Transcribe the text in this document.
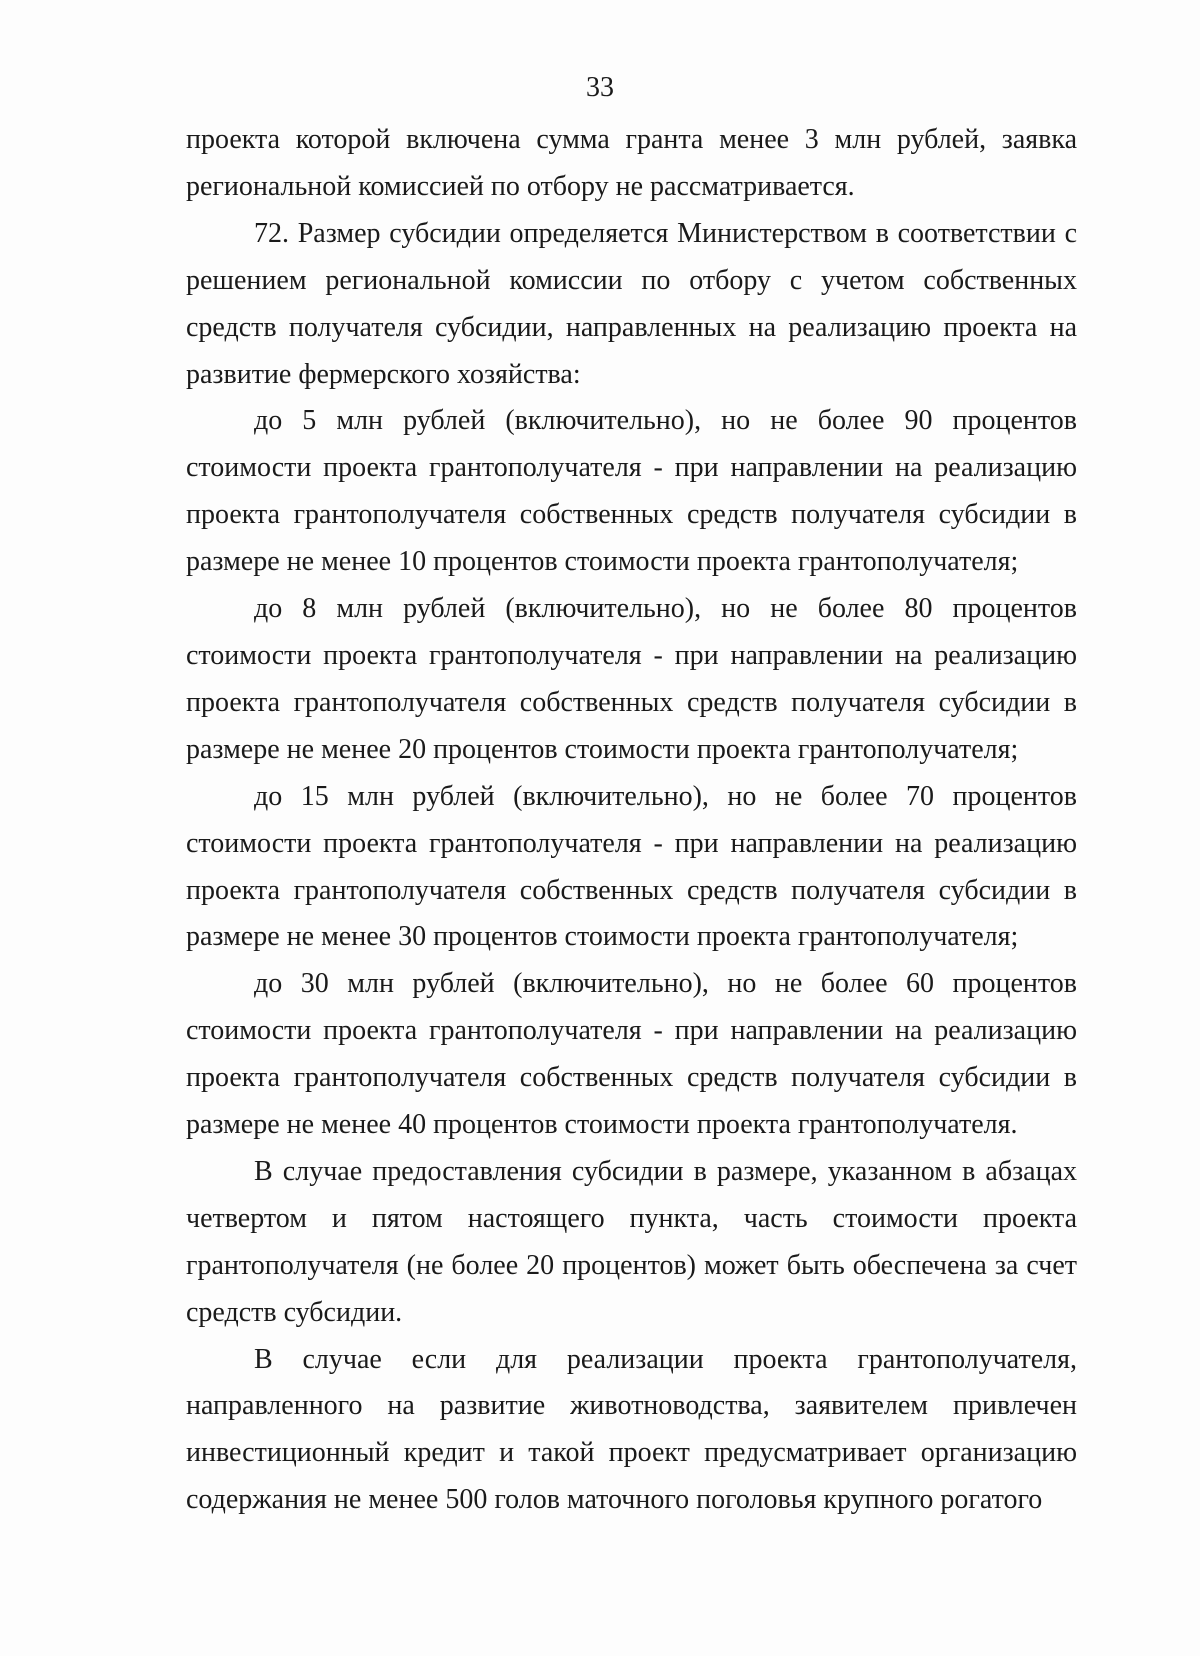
33

проекта которой включена сумма гранта менее 3 млн рублей, заявка региональной комиссией по отбору не рассматривается.

72. Размер субсидии определяется Министерством в соответствии с решением региональной комиссии по отбору с учетом собственных средств получателя субсидии, направленных на реализацию проекта на развитие фермерского хозяйства:

до 5 млн рублей (включительно), но не более 90 процентов стоимости проекта грантополучателя - при направлении на реализацию проекта грантополучателя собственных средств получателя субсидии в размере не менее 10 процентов стоимости проекта грантополучателя;

до 8 млн рублей (включительно), но не более 80 процентов стоимости проекта грантополучателя - при направлении на реализацию проекта грантополучателя собственных средств получателя субсидии в размере не менее 20 процентов стоимости проекта грантополучателя;

до 15 млн рублей (включительно), но не более 70 процентов стоимости проекта грантополучателя - при направлении на реализацию проекта грантополучателя собственных средств получателя субсидии в размере не менее 30 процентов стоимости проекта грантополучателя;

до 30 млн рублей (включительно), но не более 60 процентов стоимости проекта грантополучателя - при направлении на реализацию проекта грантополучателя собственных средств получателя субсидии в размере не менее 40 процентов стоимости проекта грантополучателя.

В случае предоставления субсидии в размере, указанном в абзацах четвертом и пятом настоящего пункта, часть стоимости проекта грантополучателя (не более 20 процентов) может быть обеспечена за счет средств субсидии.

В случае если для реализации проекта грантополучателя, направленного на развитие животноводства, заявителем привлечен инвестиционный кредит и такой проект предусматривает организацию содержания не менее 500 голов маточного поголовья крупного рогатого
